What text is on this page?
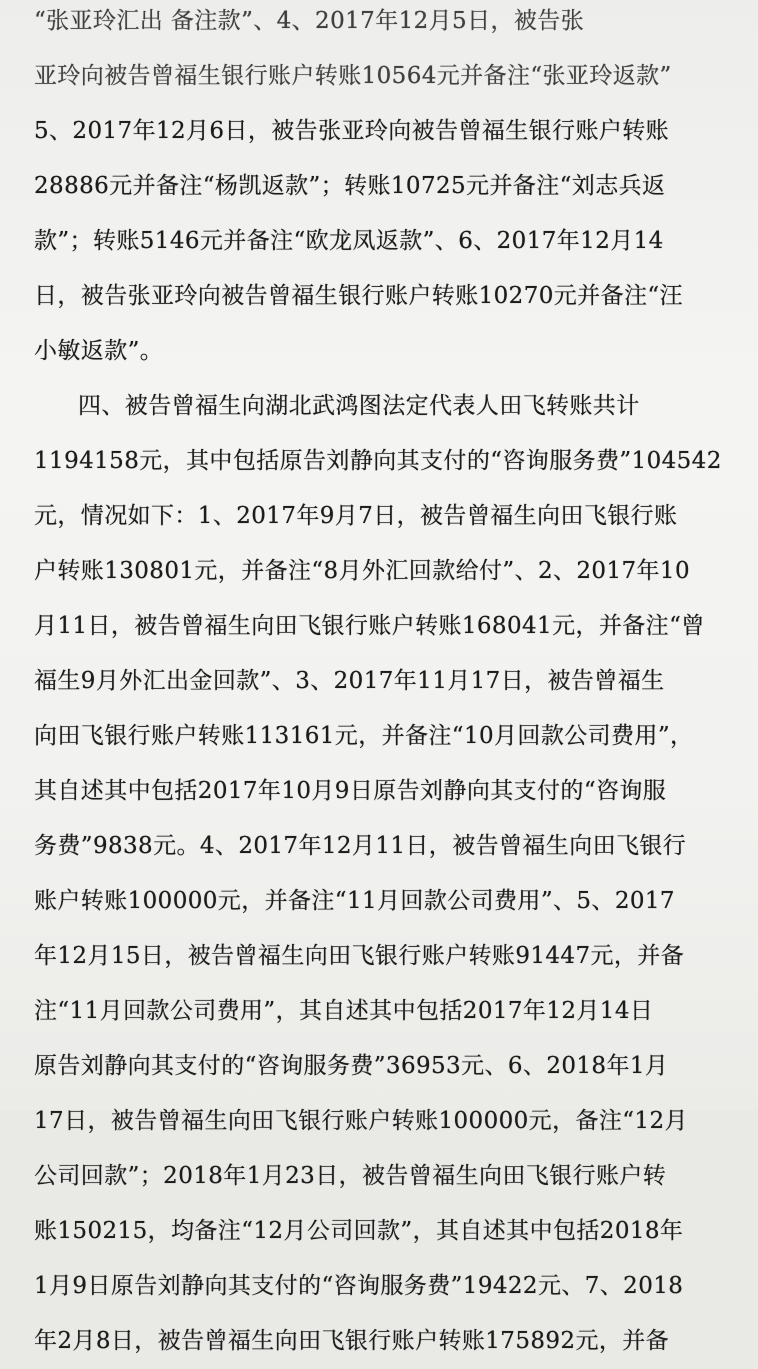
“张亚玲汇出 备注款”、4、2017年12月5日，被告张
亚玲向被告曾福生银行账户转账10564元并备注“张亚玲返款”
5、2017年12月6日，被告张亚玲向被告曾福生银行账户转账
28886元并备注“杨凯返款”；转账10725元并备注“刘志兵返
款”；转账5146元并备注“欧龙凤返款”、6、2017年12月14
日，被告张亚玲向被告曾福生银行账户转账10270元并备注“汪
小敏返款”。
四、被告曾福生向湖北武鸿图法定代表人田飞转账共计
1194158元，其中包括原告刘静向其支付的“咨询服务费”104542
元，情况如下：1、2017年9月7日，被告曾福生向田飞银行账
户转账130801元，并备注“8月外汇回款给付”、2、2017年10
月11日，被告曾福生向田飞银行账户转账168041元，并备注“曾
福生9月外汇出金回款”、3、2017年11月17日，被告曾福生
向田飞银行账户转账113161元，并备注“10月回款公司费用”，
其自述其中包括2017年10月9日原告刘静向其支付的“咨询服
务费”9838元。4、2017年12月11日，被告曾福生向田飞银行
账户转账100000元，并备注“11月回款公司费用”、5、2017
年12月15日，被告曾福生向田飞银行账户转账91447元，并备
注“11月回款公司费用”，其自述其中包括2017年12月14日
原告刘静向其支付的“咨询服务费”36953元、6、2018年1月
17日，被告曾福生向田飞银行账户转账100000元，备注“12月
公司回款”；2018年1月23日，被告曾福生向田飞银行账户转
账150215，均备注“12月公司回款”，其自述其中包括2018年
1月9日原告刘静向其支付的“咨询服务费”19422元、7、2018
年2月8日，被告曾福生向田飞银行账户转账175892元，并备
